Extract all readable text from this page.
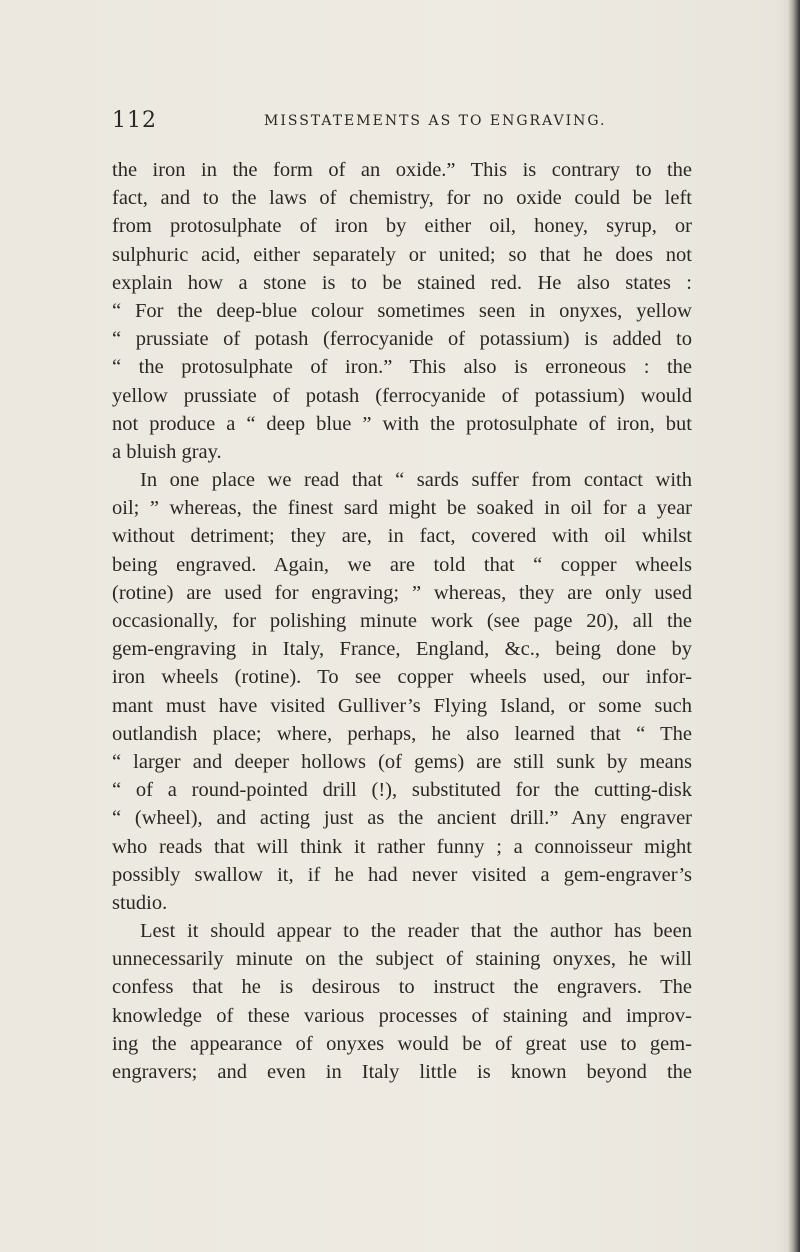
112	MISSTATEMENTS AS TO ENGRAVING.
the iron in the form of an oxide.” This is contrary to the
fact, and to the laws of chemistry, for no oxide could be left
from protosulphate of iron by either oil, honey, syrup, or
sulphuric acid, either separately or united; so that he does not
explain how a stone is to be stained red. He also states :
“ For the deep-blue colour sometimes seen in onyxes, yellow
“ prussiate of potash (ferrocyanide of potassium) is added to
“ the protosulphate of iron.” This also is erroneous : the
yellow prussiate of potash (ferrocyanide of potassium) would
not produce a “ deep blue ” with the protosulphate of iron, but
a bluish gray.
In one place we read that “ sards suffer from contact with
oil; ” whereas, the finest sard might be soaked in oil for a year
without detriment; they are, in fact, covered with oil whilst
being engraved. Again, we are told that “ copper wheels
(rotine) are used for engraving; ” whereas, they are only used
occasionally, for polishing minute work (see page 20), all the
gem-engraving in Italy, France, England, &c., being done by
iron wheels (rotine). To see copper wheels used, our infor-
mant must have visited Gulliver’s Flying Island, or some such
outlandish place; where, perhaps, he also learned that “ The
“ larger and deeper hollows (of gems) are still sunk by means
“ of a round-pointed drill (!), substituted for the cutting-disk
“ (wheel), and acting just as the ancient drill.” Any engraver
who reads that will think it rather funny ; a connoisseur might
possibly swallow it, if he had never visited a gem-engraver’s
studio.
Lest it should appear to the reader that the author has been
unnecessarily minute on the subject of staining onyxes, he will
confess that he is desirous to instruct the engravers. The
knowledge of these various processes of staining and improv-
ing the appearance of onyxes would be of great use to gem-
engravers; and even in Italy little is known beyond the
